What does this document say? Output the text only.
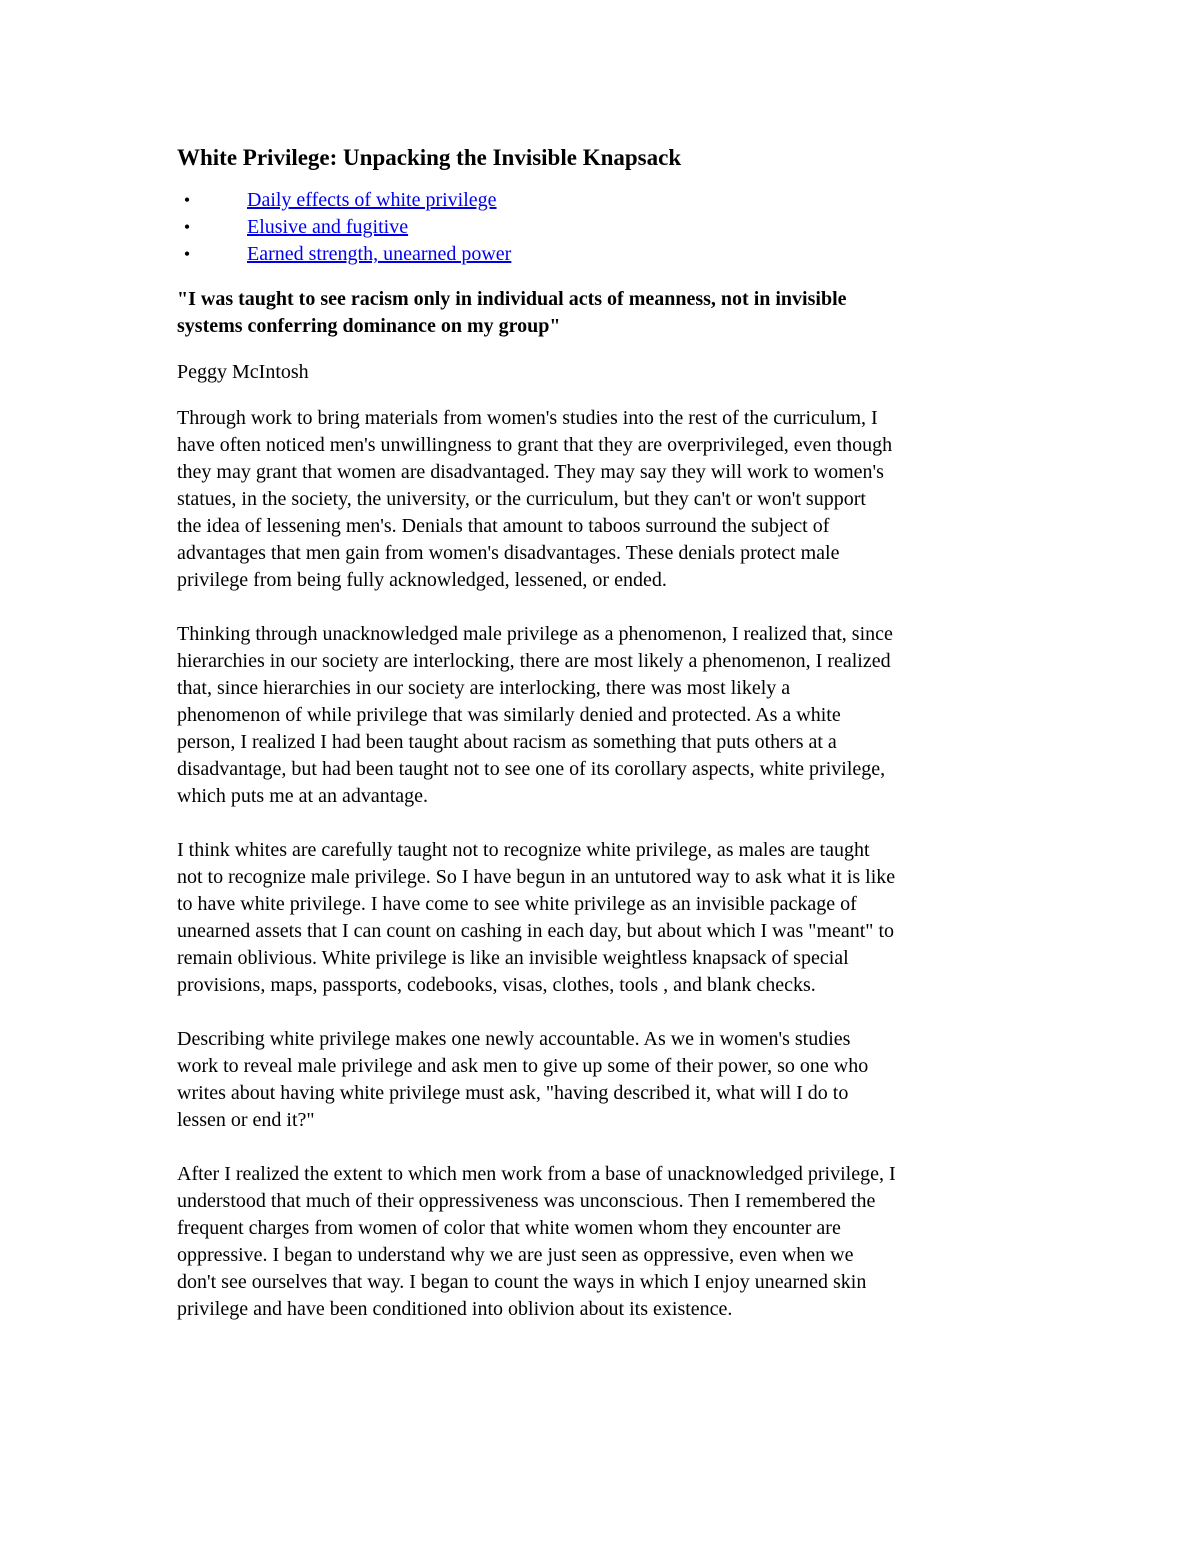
White Privilege: Unpacking the Invisible Knapsack
•	Daily effects of white privilege
•	Elusive and fugitive
•	Earned strength, unearned power

"I was taught to see racism only in individual acts of meanness, not in invisible
systems conferring dominance on my group"

Peggy McIntosh

Through work to bring materials from women's studies into the rest of the curriculum, I
have often noticed men's unwillingness to grant that they are overprivileged, even though
they may grant that women are disadvantaged. They may say they will work to women's
statues, in the society, the university, or the curriculum, but they can't or won't support
the idea of lessening men's. Denials that amount to taboos surround the subject of
advantages that men gain from women's disadvantages. These denials protect male
privilege from being fully acknowledged, lessened, or ended.

Thinking through unacknowledged male privilege as a phenomenon, I realized that, since
hierarchies in our society are interlocking, there are most likely a phenomenon, I realized
that, since hierarchies in our society are interlocking, there was most likely a
phenomenon of while privilege that was similarly denied and protected. As a white
person, I realized I had been taught about racism as something that puts others at a
disadvantage, but had been taught not to see one of its corollary aspects, white privilege,
which puts me at an advantage.

I think whites are carefully taught not to recognize white privilege, as males are taught
not to recognize male privilege. So I have begun in an untutored way to ask what it is like
to have white privilege. I have come to see white privilege as an invisible package of
unearned assets that I can count on cashing in each day, but about which I was "meant" to
remain oblivious. White privilege is like an invisible weightless knapsack of special
provisions, maps, passports, codebooks, visas, clothes, tools , and blank checks.

Describing white privilege makes one newly accountable. As we in women's studies
work to reveal male privilege and ask men to give up some of their power, so one who
writes about having white privilege must ask, "having described it, what will I do to
lessen or end it?"

After I realized the extent to which men work from a base of unacknowledged privilege, I
understood that much of their oppressiveness was unconscious. Then I remembered the
frequent charges from women of color that white women whom they encounter are
oppressive. I began to understand why we are just seen as oppressive, even when we
don't see ourselves that way. I began to count the ways in which I enjoy unearned skin
privilege and have been conditioned into oblivion about its existence.
